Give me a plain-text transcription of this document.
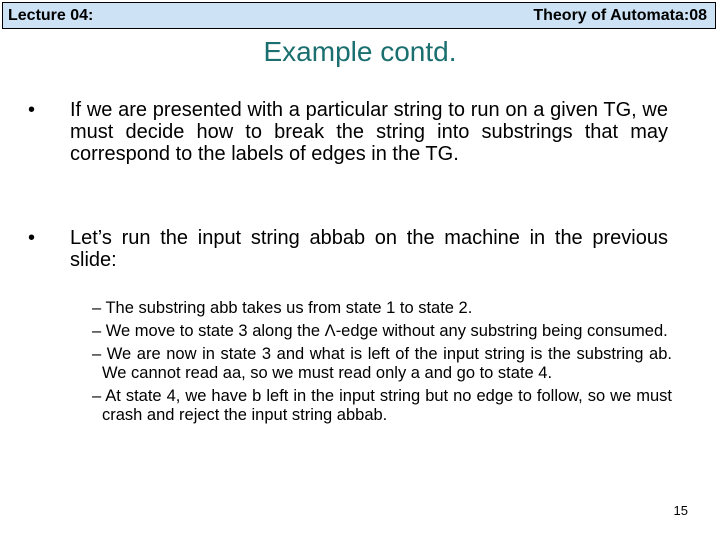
Lecture 04:	Theory of Automata:08
Example contd.
• If we are presented with a particular string to run on a given TG, we must decide how to break the string into substrings that may correspond to the labels of edges in the TG.
• Let’s run the input string abbab on the machine in the previous slide:
– The substring abb takes us from state 1 to state 2.
– We move to state 3 along the Λ-edge without any substring being consumed.
– We are now in state 3 and what is left of the input string is the substring ab. We cannot read aa, so we must read only a and go to state 4.
– At state 4, we have b left in the input string but no edge to follow, so we must crash and reject the input string abbab.
15
